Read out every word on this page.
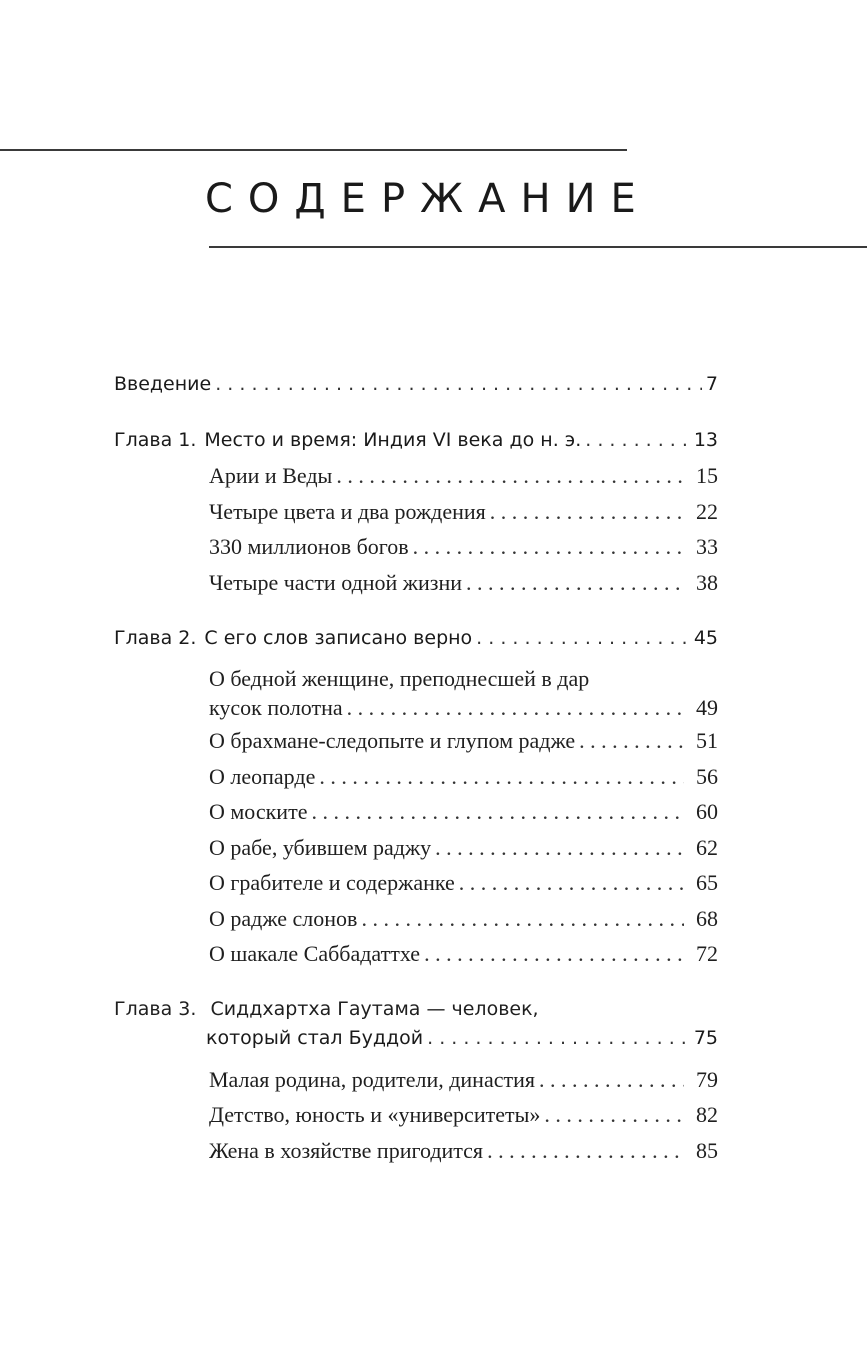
СОДЕРЖАНИЕ
Введение . . .	7
Глава 1. Место и время: Индия VI века до н. э. . . .	13
Арии и Веды . . .	15
Четыре цвета и два рождения . . .	22
330 миллионов богов . . .	33
Четыре части одной жизни . . .	38
Глава 2. С его слов записано верно . . .	45
О бедной женщине, преподнесшей в дар
кусок полотна . . .	49
О брахмане-следопыте и глупом радже . . .	51
О леопарде . . .	56
О моските . . .	60
О рабе, убившем раджу . . .	62
О грабителе и содержанке . . .	65
О радже слонов . . .	68
О шакале Саббадаттхе . . .	72
Глава 3. Сиддхартха Гаутама — человек,
который стал Буддой . . .	75
Малая родина, родители, династия . . .	79
Детство, юность и «университеты» . . .	82
Жена в хозяйстве пригодится . . .	85
